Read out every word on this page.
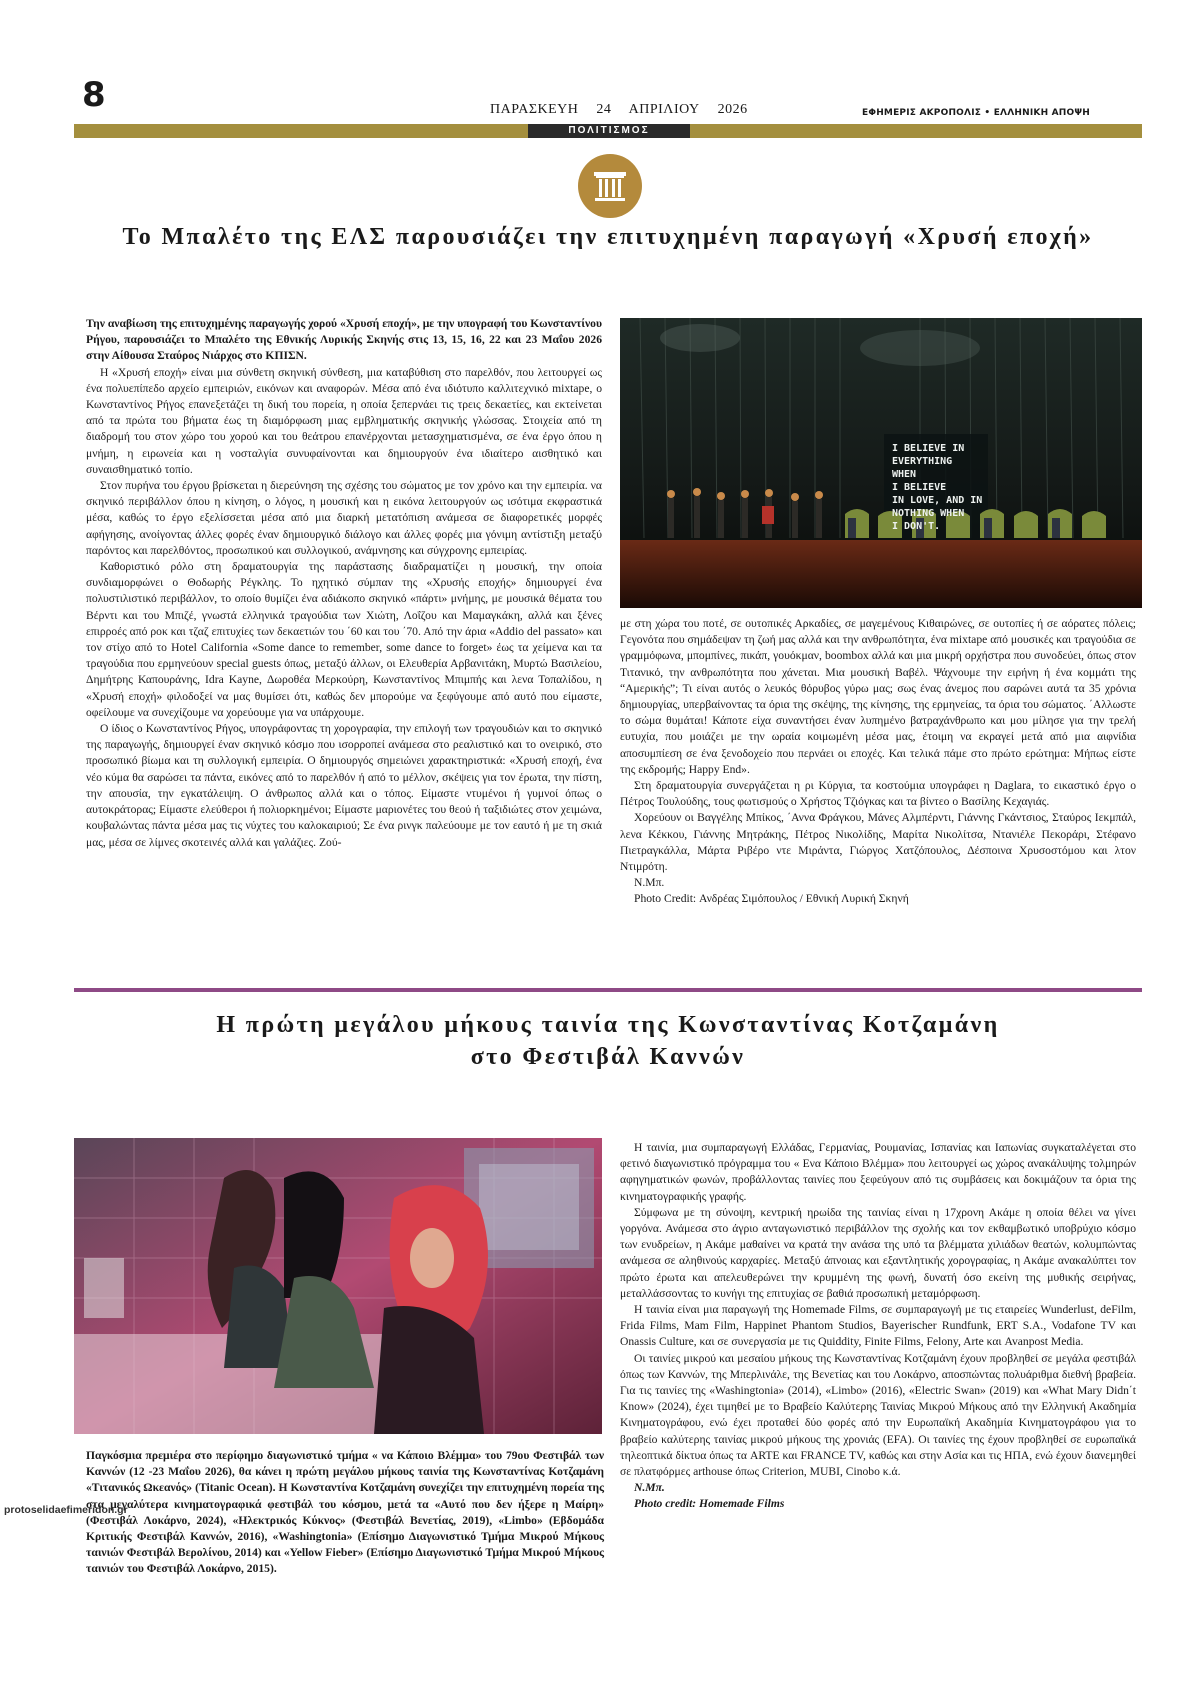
8	ΠΑΡΑΣΚΕΥΗ 24 ΑΠΡΙΛΙΟΥ 2026	ΕΦΗΜΕΡΙΣ ΑΚΡΟΠΟΛΙΣ • ΕΛΛΗΝΙΚΗ ΑΠΟΨΗ
ΠΟΛΙΤΙΣΜΟΣ
Το Μπαλέτο της ΕΛΣ παρουσιάζει την επιτυχημένη παραγωγή «Χρυσή εποχή»

Την αναβίωση της επιτυχημένης παραγωγής χορού «Χρυσή εποχή», με την υπογραφή του Κωνσταντίνου Ρήγου, παρουσιάζει το Μπαλέτο της Εθνικής Λυρικής Σκηνής στις 13, 15, 16, 22 και 23 Μαΐου 2026 στην Αίθουσα Σταύρος Νιάρχος στο ΚΠΙΣΝ.

Η «Χρυσή εποχή» είναι μια σύνθετη σκηνική σύνθεση, μια καταβύθιση στο παρελθόν, που λειτουργεί ως ένα πολυεπίπεδο αρχείο εμπειριών, εικόνων και αναφορών. Μέσα από ένα ιδιότυπο καλλιτεχνικό mixtape, ο Κωνσταντίνος Ρήγος επανεξετάζει τη δική του πορεία, η οποία ξεπερνάει τις τρεις δεκαετίες, και εκτείνεται από τα πρώτα του βήματα έως τη διαμόρφωση μιας εμβληματικής σκηνικής γλώσσας. Στοιχεία από τη διαδρομή του στον χώρο του χορού και του θεάτρου επανέρχονται μετασχηματισμένα, σε ένα έργο όπου η μνήμη, η ειρωνεία και η νοσταλγία συνυφαίνονται και δημιουργούν ένα ιδιαίτερο αισθητικό και συναισθηματικό τοπίο.

Στον πυρήνα του έργου βρίσκεται η διερεύνηση της σχέσης του σώματος με τον χρόνο και την εμπειρία. να σκηνικό περιβάλλον όπου η κίνηση, ο λόγος, η μουσική και η εικόνα λειτουργούν ως ισότιμα εκφραστικά μέσα, καθώς το έργο εξελίσσεται μέσα από μια διαρκή μετατόπιση ανάμεσα σε διαφορετικές μορφές αφήγησης, ανοίγοντας άλλες φορές έναν δημιουργικό διάλογο και άλλες φορές μια γόνιμη αντίστιξη μεταξύ παρόντος και παρελθόντος, προσωπικού και συλλογικού, ανάμνησης και σύγχρονης εμπειρίας.

Καθοριστικό ρόλο στη δραματουργία της παράστασης διαδραματίζει η μουσική, την οποία συνδιαμορφώνει ο Θοδωρής Ρέγκλης. Το ηχητικό σύμπαν της «Χρυσής εποχής» δημιουργεί ένα πολυστιλιστικό περιβάλλον, το οποίο θυμίζει ένα αδιάκοπο σκηνικό «πάρτι» μνήμης, με μουσικά θέματα του Βέρντι και του Μπιζέ, γνωστά ελληνικά τραγούδια των Χιώτη, Λοΐζου και Μαμαγκάκη, αλλά και ξένες επιρροές από ροκ και τζαζ επιτυχίες των δεκαετιών του ΄60 και του ΄70. Από την άρια «Addio del passato» και τον στίχο από το Hotel California «Some dance to remember, some dance to forget» έως τα χείμενα και τα τραγούδια που ερμηνεύουν special guests όπως, μεταξύ άλλων, οι Ελευθερία Αρβανιτάκη, Μυρτώ Βασιλείου, Δημήτρης Καπουράνης, Idra Kayne, Δωροθέα Μερκούρη, Κωνσταντίνος Μπιμπής και λενα Τοπαλίδου, η «Χρυσή εποχή» φιλοδοξεί να μας θυμίσει ότι, καθώς δεν μπορούμε να ξεφύγουμε από αυτό που είμαστε, οφείλουμε να συνεχίζουμε να χορεύουμε για να υπάρχουμε.

Ο ίδιος ο Κωνσταντίνος Ρήγος, υπογράφοντας τη χορογραφία, την επιλογή των τραγουδιών και το σκηνικό της παραγωγής, δημιουργεί έναν σκηνικό κόσμο που ισορροπεί ανάμεσα στο ρεαλιστικό και το ονειρικό, στο προσωπικό βίωμα και τη συλλογική εμπειρία. Ο δημιουργός σημειώνει χαρακτηριστικά: «Χρυσή εποχή, ένα νέο κύμα θα σαρώσει τα πάντα, εικόνες από το παρελθόν ή από το μέλλον, σκέψεις για τον έρωτα, την πίστη, την απουσία, την εγκατάλειψη. Ο άνθρωπος αλλά και ο τόπος. Είμαστε ντυμένοι ή γυμνοί όπως ο αυτοκράτορας; Είμαστε ελεύθεροι ή πολιορκημένοι; Είμαστε μαριονέτες του θεού ή ταξιδιώτες στον χειμώνα, κουβαλώντας πάντα μέσα μας τις νύχτες του καλοκαιριού; Σε ένα ρινγκ παλεύουμε με τον εαυτό ή με τη σκιά μας, μέσα σε λίμνες σκοτεινές αλλά και γαλάζιες. Ζού-

I BELIEVE IN
EVERYTHING
WHEN
I BELIEVE
IN LOVE, AND IN
NOTHING WHEN
I DON'T.

με στη χώρα του ποτέ, σε ουτοπικές Αρκαδίες, σε μαγεμένους Κιθαιρώνες, σε ουτοπίες ή σε αόρατες πόλεις; Γεγονότα που σημάδεψαν τη ζωή μας αλλά και την ανθρωπότητα, ένα mixtape από μουσικές και τραγούδια σε γραμμόφωνα, μπομπίνες, πικάπ, γουόκμαν, boombox αλλά και μια μικρή ορχήστρα που συνοδεύει, όπως στον Τιτανικό, την ανθρωπότητα που χάνεται. Μια μουσική Βαβέλ. Ψάχνουμε την ειρήνη ή ένα κομμάτι της “Αμερικής”; Τι είναι αυτός ο λευκός θόρυβος γύρω μας; σως ένας άνεμος που σαρώνει αυτά τα 35 χρόνια δημιουργίας, υπερβαίνοντας τα όρια της σκέψης, της κίνησης, της ερμηνείας, τα όρια του σώματος. ΄Αλλωστε το σώμα θυμάται! Κάποτε είχα συναντήσει έναν λυπημένο βατραχάνθρωπο και μου μίλησε για την τρελή ευτυχία, που μοιάζει με την ωραία κοιμωμένη μέσα μας, έτοιμη να εκραγεί μετά από μια αιφνίδια αποσυμπίεση σε ένα ξενοδοχείο που περνάει οι εποχές. Και τελικά πάμε στο πρώτο ερώτημα: Μήπως είστε της εκδρομής; Happy End».

Στη δραματουργία συνεργάζεται η ρι Κύργια, τα κοστούμια υπογράφει η Daglara, το εικαστικό έργο ο Πέτρος Τουλούδης, τους φωτισμούς ο Χρήστος Τζιόγκας και τα βίντεο ο Βασίλης Κεχαγιάς.

Χορεύουν οι Βαγγέλης Μπίκος, ΄Αννα Φράγκου, Μάνες Αλμπέρντι, Γιάννης Γκάντσιος, Σταύρος Ιεκμπάλ, λενα Κέκκου, Γιάννης Μητράκης, Πέτρος Νικολίδης, Μαρίτα Νικολίτσα, Ντανιέλε Πεκοράρι, Στέφανο Πιετραγκάλλα, Μάρτα Ριβέρο ντε Μιράντα, Γιώργος Χατζόπουλος, Δέσποινα Χρυσοστόμου και λτον Ντιμρότη.

Ν.Μπ.

Photo Credit: Ανδρέας Σιμόπουλος / Εθνική Λυρική Σκηνή

Η πρώτη μεγάλου μήκους ταινία της Κωνσταντίνας Κοτζαμάνη
στο Φεστιβάλ Καννών
Παγκόσμια πρεμιέρα στο περίφημο διαγωνιστικό τμήμα « να Κάποιο Βλέμμα» του 79ου Φεστιβάλ των Καννών (12 -23 Μαΐου 2026), θα κάνει η πρώτη μεγάλου μήκους ταινία της Κωνσταντίνας Κοτζαμάνη «Τιτανικός Ωκεανός» (Titanic Ocean). Η Κωνσταντίνα Κοτζαμάνη συνεχίζει την επιτυχημένη πορεία της στα μεγαλύτερα κινηματογραφικά φεστιβάλ του κόσμου, μετά τα «Αυτό που δεν ήξερε η Μαίρη» (Φεστιβάλ Λοκάρνο, 2024), «Ηλεκτρικός Κύκνος» (Φεστιβάλ Βενετίας, 2019), «Limbo» (Εβδομάδα Κριτικής Φεστιβάλ Καννών, 2016), «Washingtonia» (Επίσημο Διαγωνιστικό Τμήμα Μικρού Μήκους ταινιών Φεστιβάλ Βερολίνου, 2014) και «Yellow Fieber» (Επίσημο Διαγωνιστικό Τμήμα Μικρού Μήκους ταινιών του Φεστιβάλ Λοκάρνο, 2015).
protoselidaefimeridon.gr

Η ταινία, μια συμπαραγωγή Ελλάδας, Γερμανίας, Ρουμανίας, Ισπανίας και Ιαπωνίας συγκαταλέγεται στο φετινό διαγωνιστικό πρόγραμμα του « Ενα Κάποιο Βλέμμα» που λειτουργεί ως χώρος ανακάλυψης τολμηρών αφηγηματικών φωνών, προβάλλοντας ταινίες που ξεφεύγουν από τις συμβάσεις και δοκιμάζουν τα όρια της κινηματογραφικής γραφής.

Σύμφωνα με τη σύνοψη, κεντρική ηρωίδα της ταινίας είναι η 17χρονη Ακάμε η οποία θέλει να γίνει γοργόνα. Ανάμεσα στο άγριο ανταγωνιστικό περιβάλλον της σχολής και τον εκθαμβωτικό υποβρύχιο κόσμο των ενυδρείων, η Ακάμε μαθαίνει να κρατά την ανάσα της υπό τα βλέμματα χιλιάδων θεατών, κολυμπώντας ανάμεσα σε αληθινούς καρχαρίες. Μεταξύ άπνοιας και εξαντλητικής χορογραφίας, η Ακάμε ανακαλύπτει τον πρώτο έρωτα και απελευθερώνει την κρυμμένη της φωνή, δυνατή όσο εκείνη της μυθικής σειρήνας, μεταλλάσσοντας το κυνήγι της επιτυχίας σε βαθιά προσωπική μεταμόρφωση.

Η ταινία είναι μια παραγωγή της Homemade Films, σε συμπαραγωγή με τις εταιρείες Wunderlust, deFilm, Frida Films, Mam Film, Happinet Phantom Studios, Bayerischer Rundfunk, ERT S.A., Vodafone TV και Onassis Culture, και σε συνεργασία με τις Quiddity, Finite Films, Felony, Arte και Avanpost Media.

Οι ταινίες μικρού και μεσαίου μήκους της Κωνσταντίνας Κοτζαμάνη έχουν προβληθεί σε μεγάλα φεστιβάλ όπως των Καννών, της Μπερλινάλε, της Βενετίας και του Λοκάρνο, αποσπώντας πολυάριθμα διεθνή βραβεία. Για τις ταινίες της «Washingtonia» (2014), «Limbo» (2016), «Electric Swan» (2019) και «What Mary Didn΄t Know» (2024), έχει τιμηθεί με το Βραβείο Καλύτερης Ταινίας Μικρού Μήκους από την Ελληνική Ακαδημία Κινηματογράφου, ενώ έχει προταθεί δύο φορές από την Ευρωπαϊκή Ακαδημία Κινηματογράφου για το βραβείο καλύτερης ταινίας μικρού μήκους της χρονιάς (EFA). Οι ταινίες της έχουν προβληθεί σε ευρωπαϊκά τηλεοπτικά δίκτυα όπως τα ARTE και FRANCE TV, καθώς και στην Ασία και τις ΗΠΑ, ενώ έχουν διανεμηθεί σε πλατφόρμες arthouse όπως Criterion, MUBI, Cinobo κ.ά.

Ν.Μπ.

Photo credit: Homemade Films
